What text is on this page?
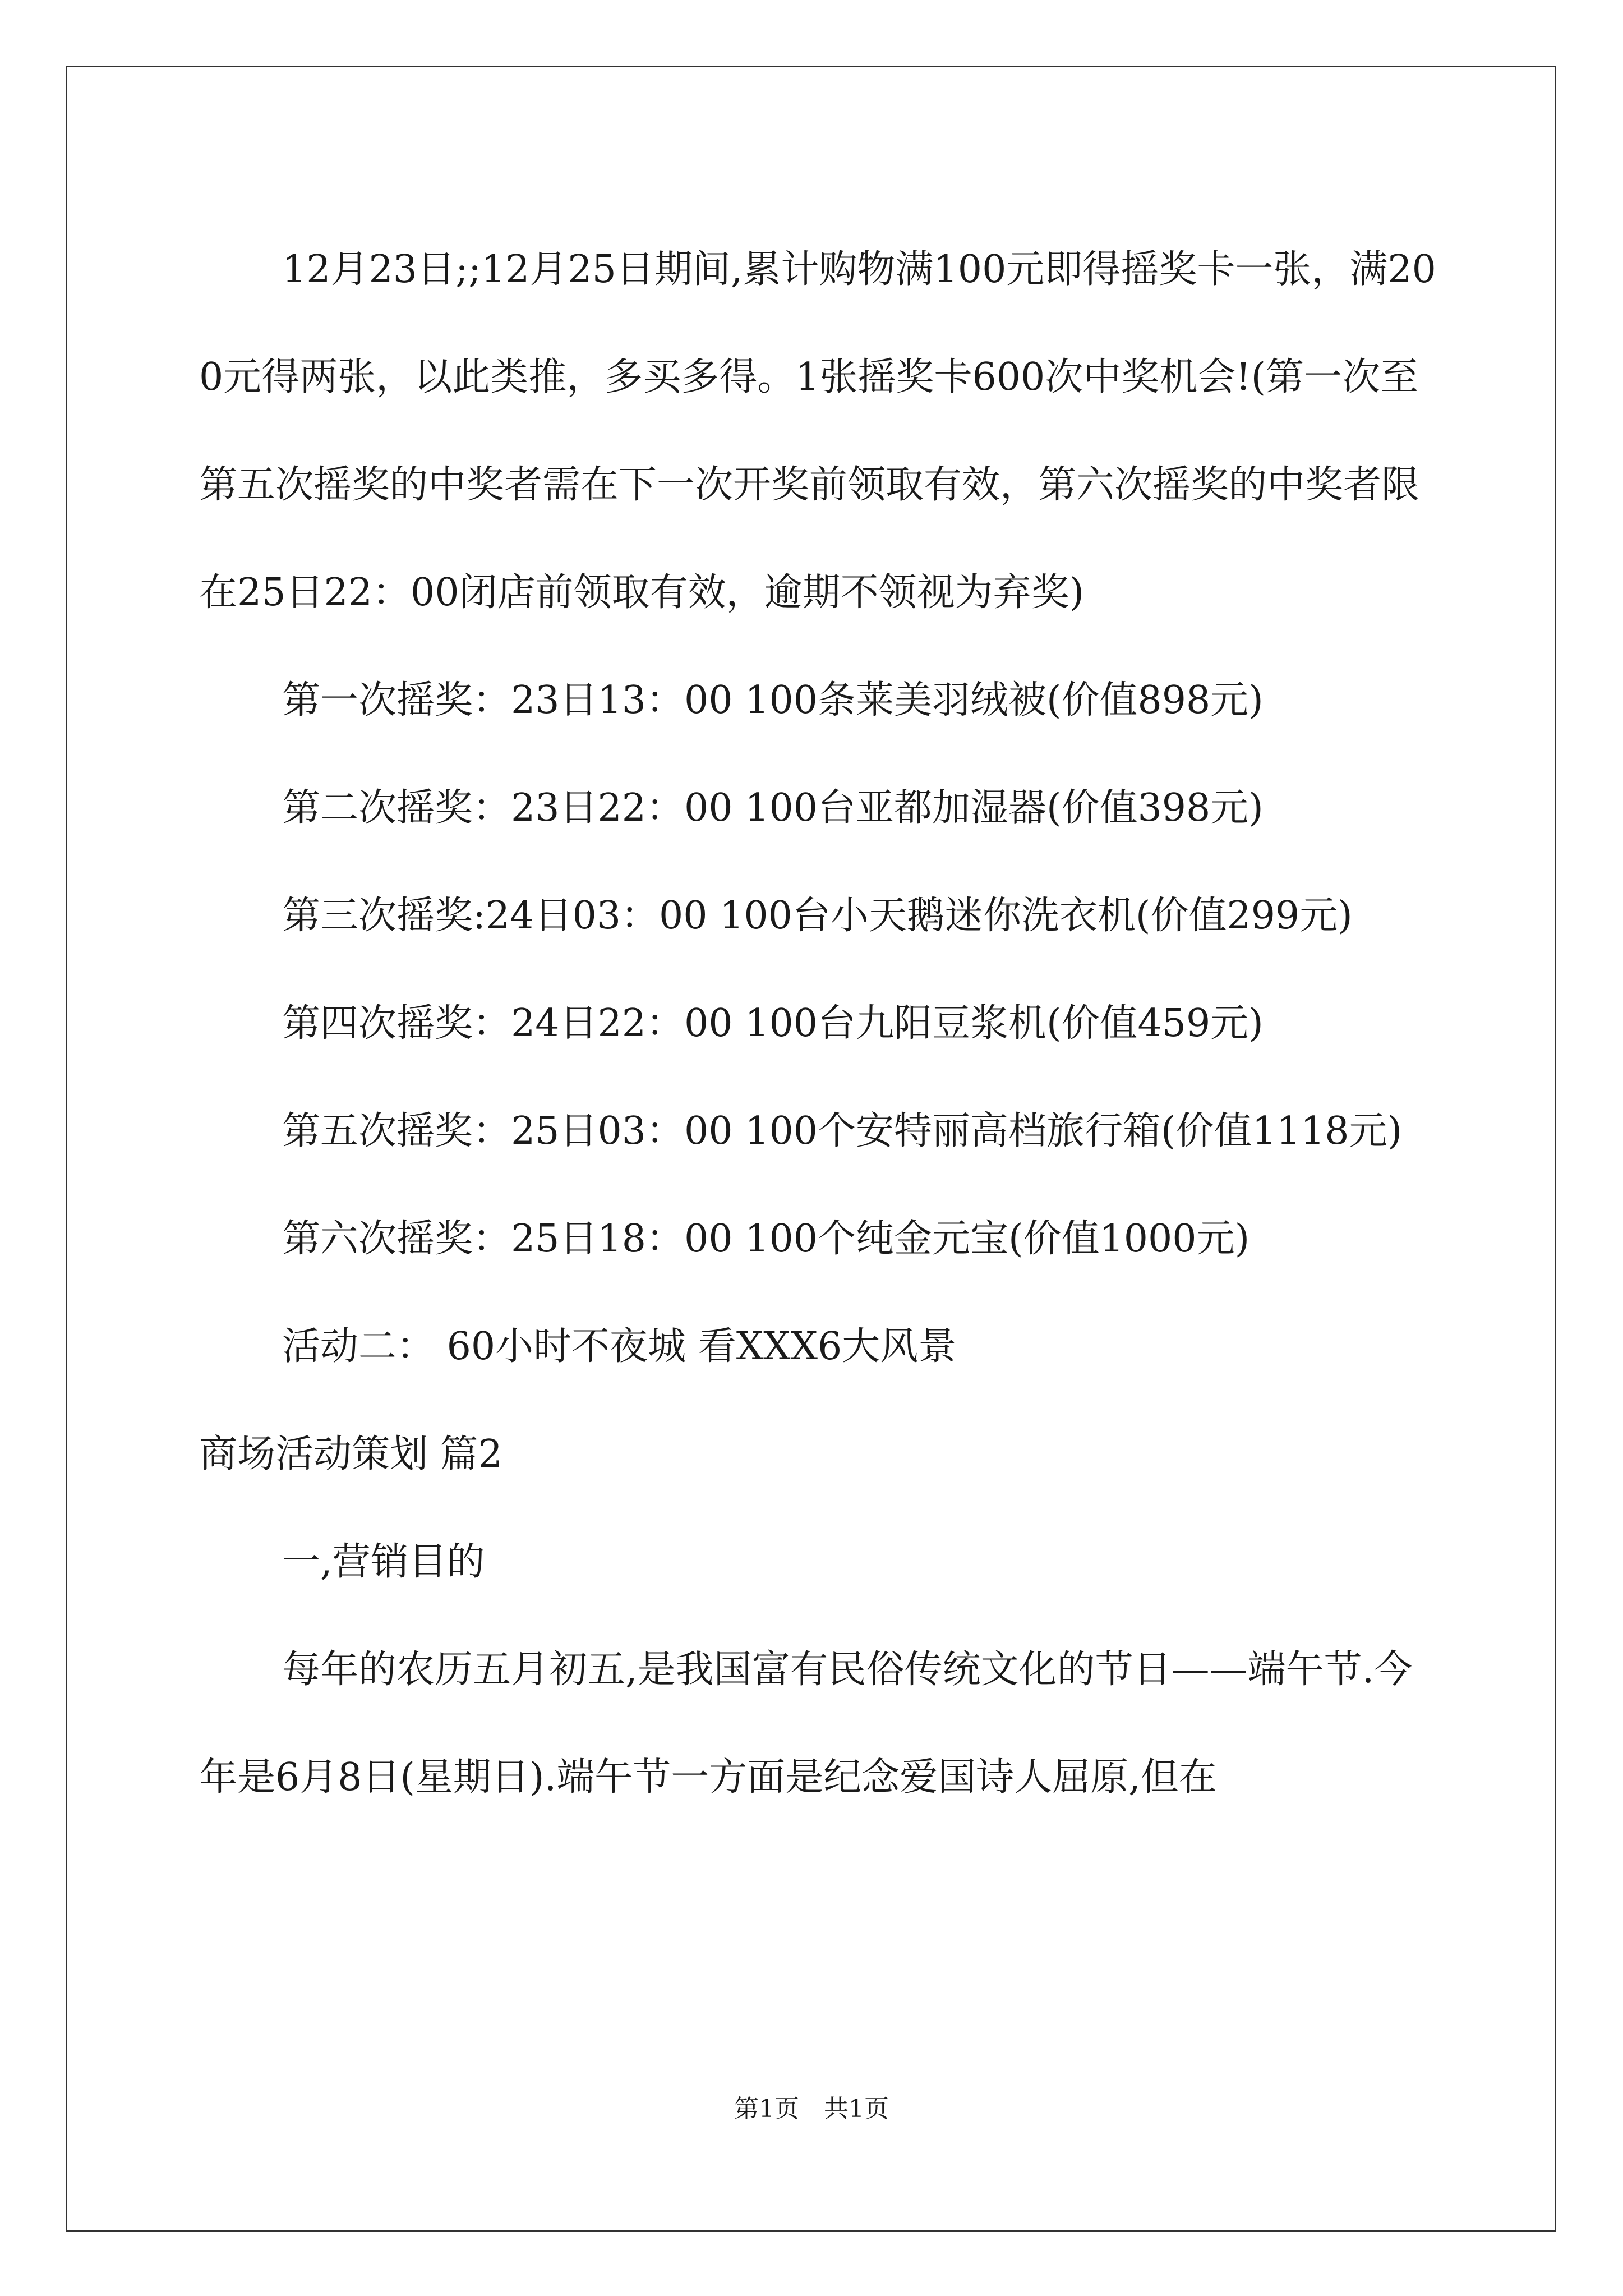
12月23日;;12月25日期间,累计购物满100元即得摇奖卡一张，满200元得两张，以此类推，多买多得。1张摇奖卡600次中奖机会!(第一次至第五次摇奖的中奖者需在下一次开奖前领取有效，第六次摇奖的中奖者限在25日22：00闭店前领取有效，逾期不领视为弃奖)

第一次摇奖：23日13：00 100条莱美羽绒被(价值898元)

第二次摇奖：23日22：00 100台亚都加湿器(价值398元)

第三次摇奖:24日03：00 100台小天鹅迷你洗衣机(价值299元)

第四次摇奖：24日22：00 100台九阳豆浆机(价值459元)

第五次摇奖：25日03：00 100个安特丽高档旅行箱(价值1118元)

第六次摇奖：25日18：00 100个纯金元宝(价值1000元)

活动二： 60小时不夜城 看XXX6大风景

商场活动策划 篇2

一,营销目的

每年的农历五月初五,是我国富有民俗传统文化的节日——端午节.今年是6月8日(星期日).端午节一方面是纪念爱国诗人屈原,但在

第1页　共1页
